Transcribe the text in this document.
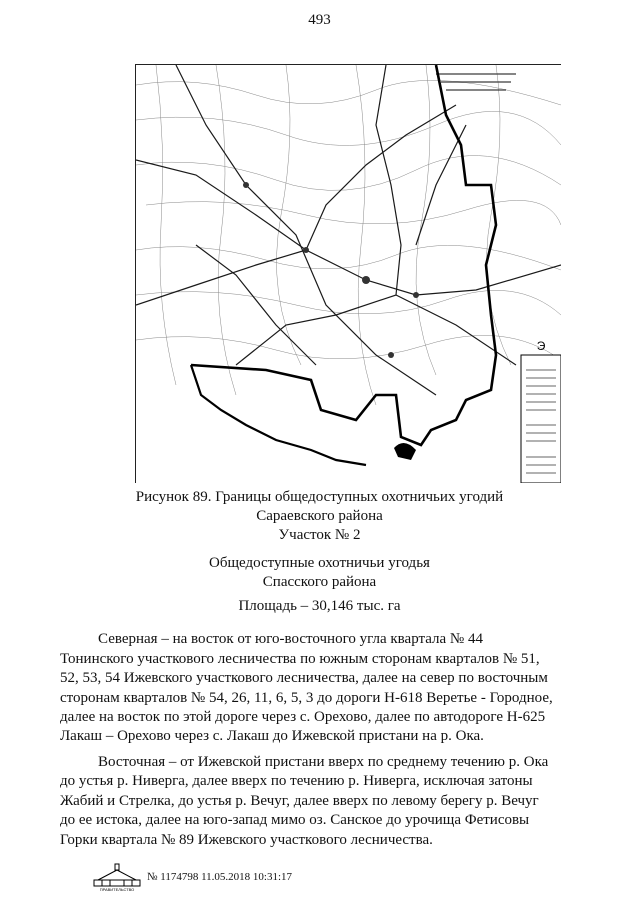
493
Э
Рисунок 89. Границы общедоступных охотничьих угодий
Сараевского района
Участок № 2
Общедоступные охотничьи угодья
Спасского района
Площадь – 30,146 тыс. га
Северная – на восток от юго-восточного угла квартала № 44
Тонинского участкового лесничества по южным сторонам кварталов № 51,
52, 53, 54 Ижевского участкового лесничества, далее на север по восточным
сторонам кварталов № 54, 26, 11, 6, 5, 3 до дороги Н-618 Веретье - Городное,
далее на восток по этой дороге через с. Орехово, далее по автодороге Н-625
Лакаш – Орехово через с. Лакаш до Ижевской пристани на р. Ока.
Восточная – от Ижевской пристани вверх по среднему течению р. Ока
до устья р. Ниверга, далее вверх по течению р. Ниверга, исключая затоны
Жабий и Стрелка, до устья р. Вечуг, далее вверх по левому берегу р. Вечуг
до ее истока, далее на юго-запад мимо оз. Санское до урочища Фетисовы
Горки квартала № 89 Ижевского участкового лесничества.
ПРАВИТЕЛЬСТВО
№ 1174798 11.05.2018 10:31:17
